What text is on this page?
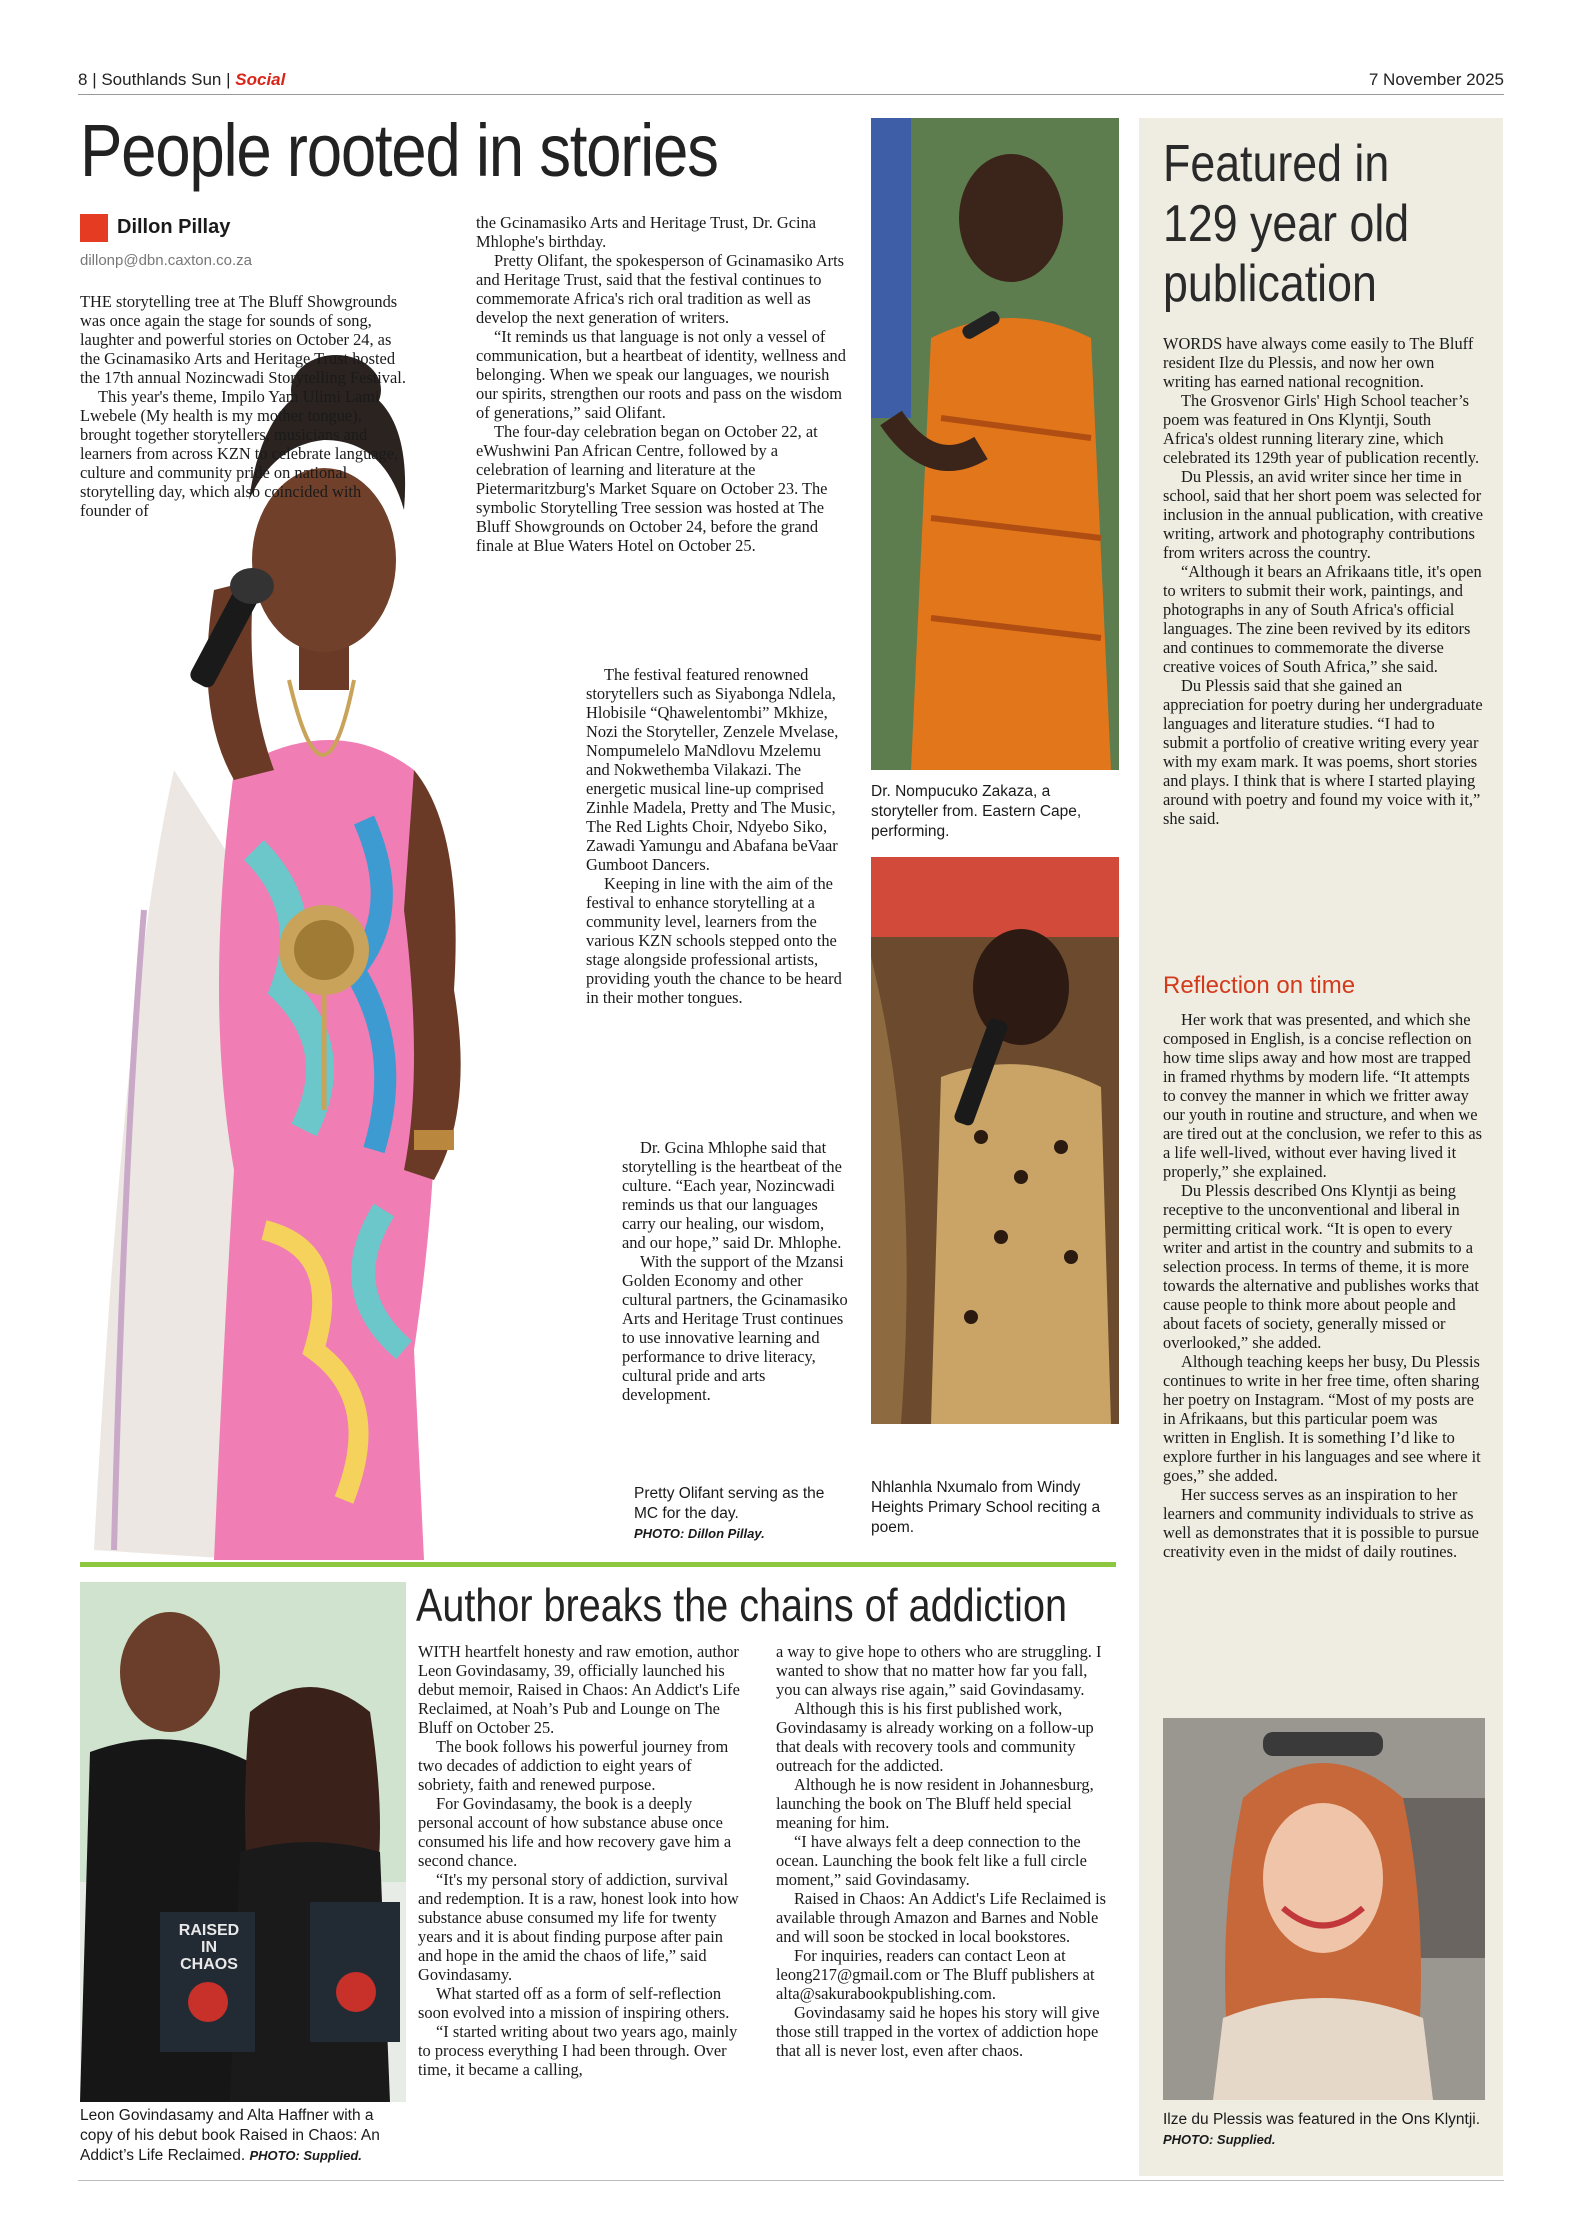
8 | Southlands Sun | Social	7 November 2025
People rooted in stories
Dillon Pillay
dillonp@dbn.caxton.co.za

THE storytelling tree at The Bluff Showgrounds was once again the stage for sounds of song, laughter and powerful stories on October 24, as the Gcinamasiko Arts and Heritage Trust hosted the 17th annual Nozincwadi Storytelling Festival.

This year's theme, Impilo Yam Ulimi Lami Lwebele (My health is my mother tongue), brought together storytellers, musicians and learners from across KZN to celebrate language, culture and community pride on national storytelling day, which also coincided with founder of

the Gcinamasiko Arts and Heritage Trust, Dr. Gcina Mhlophe's birthday.

Pretty Olifant, the spokesperson of Gcinamasiko Arts and Heritage Trust, said that the festival continues to commemorate Africa's rich oral tradition as well as develop the next generation of writers.

“It reminds us that language is not only a vessel of communication, but a heartbeat of identity, wellness and belonging. When we speak our languages, we nourish our spirits, strengthen our roots and pass on the wisdom of generations,” said Olifant.

The four-day celebration began on October 22, at eWushwini Pan African Centre, followed by a celebration of learning and literature at the Pietermaritzburg's Market Square on October 23. The symbolic Storytelling Tree session was hosted at The Bluff Showgrounds on October 24, before the grand finale at Blue Waters Hotel on October 25.

The festival featured renowned storytellers such as Siyabonga Ndlela, Hlobisile “Qhawelentombi” Mkhize, Nozi the Storyteller, Zenzele Mvelase, Nompumelelo MaNdlovu Mzelemu and Nokwethemba Vilakazi. The energetic musical line-up comprised Zinhle Madela, Pretty and The Music, The Red Lights Choir, Ndyebo Siko, Zawadi Yamungu and Abafana beVaar Gumboot Dancers.

Keeping in line with the aim of the festival to enhance storytelling at a community level, learners from the various KZN schools stepped onto the stage alongside professional artists, providing youth the chance to be heard in their mother tongues.

Dr. Gcina Mhlophe said that storytelling is the heartbeat of the culture. “Each year, Nozincwadi reminds us that our languages carry our healing, our wisdom, and our hope,” said Dr. Mhlophe.

With the support of the Mzansi Golden Economy and other cultural partners, the Gcinamasiko Arts and Heritage Trust continues to use innovative learning and performance to drive literacy, cultural pride and arts development.

Pretty Olifant serving as the MC for the day.
PHOTO: Dillon Pillay.
Dr. Nompucuko Zakaza, a storyteller from. Eastern Cape, performing.
Nhlanhla Nxumalo from Windy Heights Primary School reciting a poem.
Featured in
129 year old
publication

WORDS have always come easily to The Bluff resident Ilze du Plessis, and now her own writing has earned national recognition.

The Grosvenor Girls' High School teacher’s poem was featured in Ons Klyntji, South Africa's oldest running literary zine, which celebrated its 129th year of publication recently.

Du Plessis, an avid writer since her time in school, said that her short poem was selected for inclusion in the annual publication, with creative writing, artwork and photography contributions from writers across the country.

“Although it bears an Afrikaans title, it's open to writers to submit their work, paintings, and photographs in any of South Africa's official languages. The zine been revived by its editors and continues to commemorate the diverse creative voices of South Africa,” she said.

Du Plessis said that she gained an appreciation for poetry during her undergraduate languages and literature studies. “I had to submit a portfolio of creative writing every year with my exam mark. It was poems, short stories and plays. I think that is where I started playing around with poetry and found my voice with it,” she said.

Reflection on time

Her work that was presented, and which she composed in English, is a concise reflection on how time slips away and how most are trapped in framed rhythms by modern life. “It attempts to convey the manner in which we fritter away our youth in routine and structure, and when we are tired out at the conclusion, we refer to this as a life well-lived, without ever having lived it properly,” she explained.

Du Plessis described Ons Klyntji as being receptive to the unconventional and liberal in permitting critical work. “It is open to every writer and artist in the country and submits to a selection process. In terms of theme, it is more towards the alternative and publishes works that cause people to think more about people and about facets of society, generally missed or overlooked,” she added.

Although teaching keeps her busy, Du Plessis continues to write in her free time, often sharing her poetry on Instagram. “Most of my posts are in Afrikaans, but this particular poem was written in English. It is something I’d like to explore further in his languages and see where it goes,” she added.

Her success serves as an inspiration to her learners and community individuals to strive as well as demonstrates that it is possible to pursue creativity even in the midst of daily routines.

Ilze du Plessis was featured in the Ons Klyntji. PHOTO: Supplied.
Author breaks the chains of addiction
RAISED
IN
CHAOS
Leon Govindasamy and Alta Haffner with a copy of his debut book Raised in Chaos: An Addict’s Life Reclaimed. PHOTO: Supplied.

WITH heartfelt honesty and raw emotion, author Leon Govindasamy, 39, officially launched his debut memoir, Raised in Chaos: An Addict's Life Reclaimed, at Noah’s Pub and Lounge on The Bluff on October 25.

The book follows his powerful journey from two decades of addiction to eight years of sobriety, faith and renewed purpose.

For Govindasamy, the book is a deeply personal account of how substance abuse once consumed his life and how recovery gave him a second chance.

“It's my personal story of addiction, survival and redemption. It is a raw, honest look into how substance abuse consumed my life for twenty years and it is about finding purpose after pain and hope in the amid the chaos of life,” said Govindasamy.

What started off as a form of self-reflection soon evolved into a mission of inspiring others.

“I started writing about two years ago, mainly to process everything I had been through. Over time, it became a calling,

a way to give hope to others who are struggling. I wanted to show that no matter how far you fall, you can always rise again,” said Govindasamy.

Although this is his first published work, Govindasamy is already working on a follow-up that deals with recovery tools and community outreach for the addicted.

Although he is now resident in Johannesburg, launching the book on The Bluff held special meaning for him.

“I have always felt a deep connection to the ocean. Launching the book felt like a full circle moment,” said Govindasamy.

Raised in Chaos: An Addict's Life Reclaimed is available through Amazon and Barnes and Noble and will soon be stocked in local bookstores.

For inquiries, readers can contact Leon at leong217@gmail.com or The Bluff publishers at alta@sakurabookpublishing.com.

Govindasamy said he hopes his story will give those still trapped in the vortex of addiction hope that all is never lost, even after chaos.
